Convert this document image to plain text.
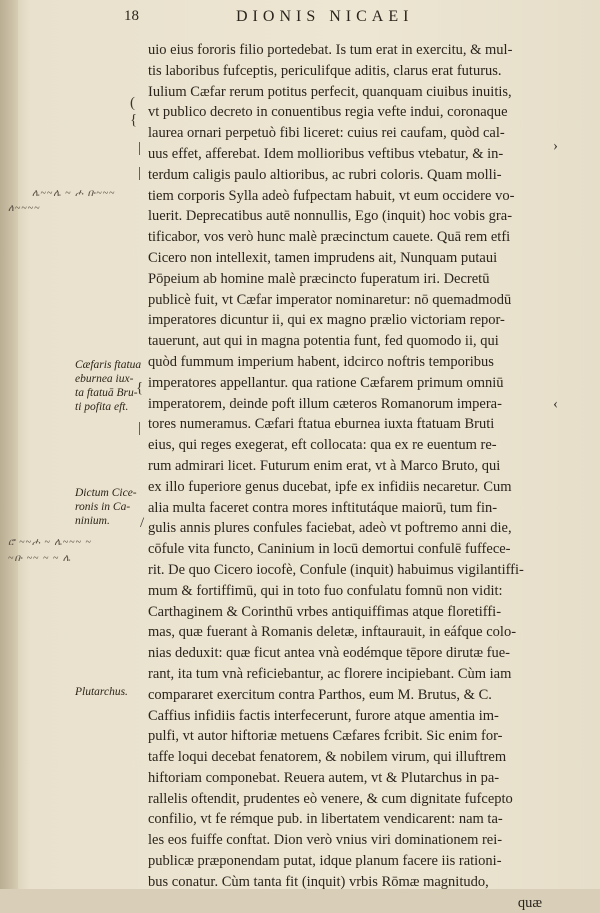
18	DIONIS NICAEI
uio eius fororis filio portedebat. Is tum erat in exercitu, & mul-
tis laboribus fufceptis, periculifque aditis, clarus erat futurus.
Iulium Cæfar rerum potitus perfecit, quanquam ciuibus inuitis,
vt publico decreto in conuentibus regia vefte indui, coronaque
laurea ornari perpetuò fibi liceret: cuius rei caufam, quòd cal-
uus effet, afferebat. Idem mollioribus veftibus vtebatur, & in-
terdum caligis paulo altioribus, ac rubri coloris. Quam molli-
tiem corporis Sylla adeò fufpectam habuit, vt eum occidere vo-
luerit. Deprecatibus autē nonnullis, Ego (inquit) hoc vobis gra-
tificabor, vos verò hunc malè præcinctum cauete. Quā rem etfi
Cicero non intellexit, tamen imprudens ait, Nunquam putaui
Pōpeium ab homine malè præcincto fuperatum iri. Decretū
publicè fuit, vt Cæfar imperator nominaretur: nō quemadmodū
imperatores dicuntur ii, qui ex magno prælio victoriam repor-
tauerunt, aut qui in magna potentia funt, fed quomodo ii, qui
quòd fummum imperium habent, idcirco noftris temporibus
imperatores appellantur. qua ratione Cæfarem primum omniū
imperatorem, deinde poft illum cæteros Romanorum impera-
tores numeramus. Cæfari ftatua eburnea iuxta ftatuam Bruti
eius, qui reges exegerat, eft collocata: qua ex re euentum re-
rum admirari licet. Futurum enim erat, vt à Marco Bruto, qui
ex illo fuperiore genus ducebat, ipfe ex infidiis necaretur. Cum
alia multa faceret contra mores inftitutáque maiorū, tum fin-
gulis annis plures confules faciebat, adeò vt poftremo anni die,
cōfule vita functo, Caninium in locū demortui confulē fuffece-
rit. De quo Cicero iocofè, Confule (inquit) habuimus vigilantiffi-
mum & fortiffimū, qui in toto fuo confulatu fomnū non vidit:
Carthaginem & Corinthū vrbes antiquiffimas atque floretiffi-
mas, quæ fuerant à Romanis deletæ, inftaurauit, in eáfque colo-
nias deduxit: quæ ficut antea vnà eodémque tēpore dirutæ fue-
rant, ita tum vnà reficiebantur, ac florere incipiebant. Cùm iam
compararet exercitum contra Parthos, eum M. Brutus, & C.
Caffius infidiis factis interfecerunt, furore atque amentia im-
pulfi, vt autor hiftoriæ metuens Cæfares fcribit. Sic enim for-
taffe loqui decebat fenatorem, & nobilem virum, qui illuftrem
hiftoriam componebat. Reuera autem, vt & Plutarchus in pa-
rallelis oftendit, prudentes eò venere, & cum dignitate fufcepto
confilio, vt fe rémque pub. in libertatem vendicarent: nam ta-
les eos fuiffe conftat. Dion verò vnius viri dominationem rei-
publicæ præponendam putat, idque planum facere iis rationi-
bus conatur. Cùm tanta fit (inquit) vrbis Rōmæ magnitudo,
quæ
Cæfaris ftatua
eburnea iux-
ta ftatuā Bru-
ti pofita eft.
Dictum Cice-
ronis in Ca-
ninium.
Plutarchus.
ሌ~~ሌ ~ ሖ ቡ~~~
ለ~~~~
ሮ ~~ሖ ~ ሌ~~~ ~
~ቡ ~~ ~ ~ ሌ
(
{
|
|
{
|
/
›
‹
